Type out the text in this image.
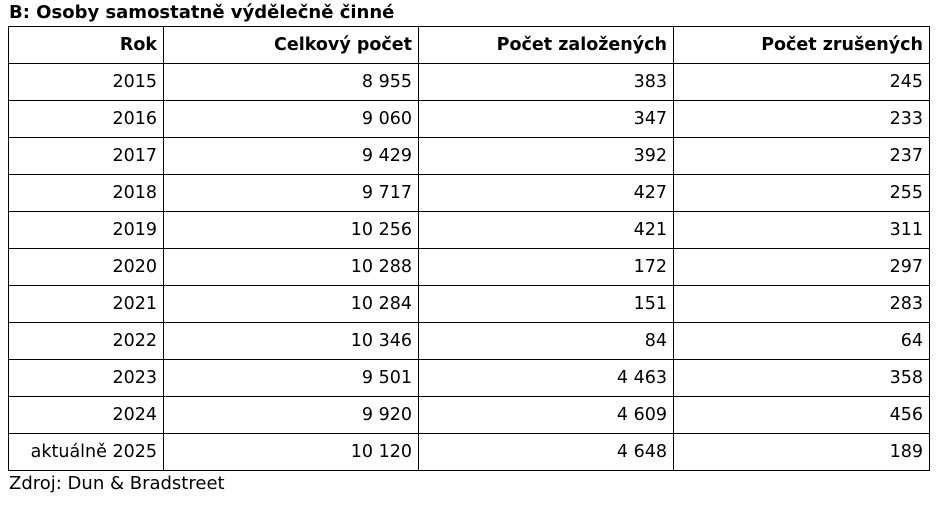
B: Osoby samostatně výdělečně činné
Rok	Celkový počet	Počet založených	Počet zrušených
2015	8 955	383	245
2016	9 060	347	233
2017	9 429	392	237
2018	9 717	427	255
2019	10 256	421	311
2020	10 288	172	297
2021	10 284	151	283
2022	10 346	84	64
2023	9 501	4 463	358
2024	9 920	4 609	456
aktuálně 2025	10 120	4 648	189
Zdroj: Dun & Bradstreet
